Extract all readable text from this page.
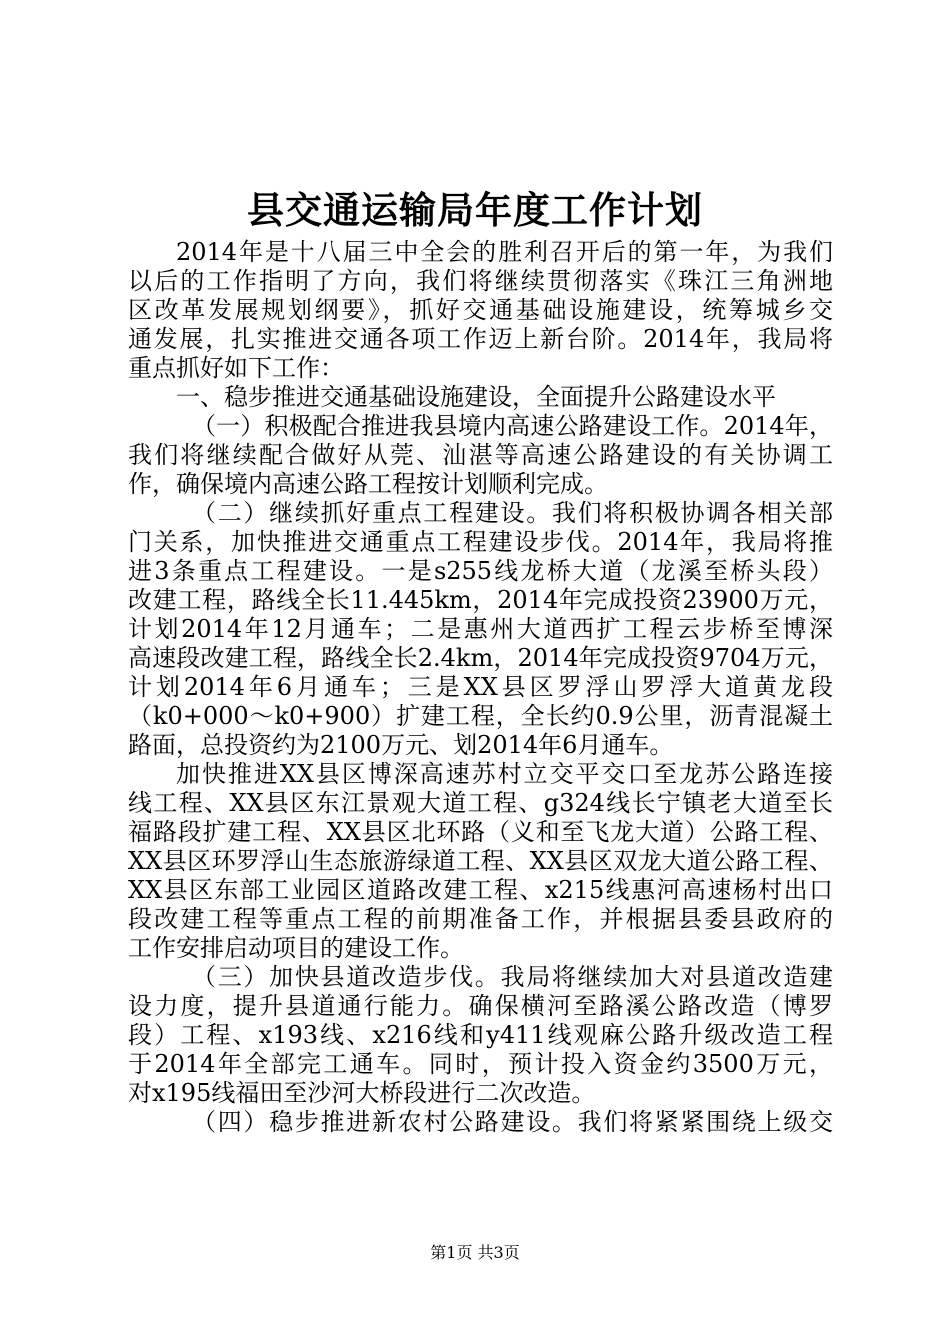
县交通运输局年度工作计划
2014年是十八届三中全会的胜利召开后的第一年，为我们
以后的工作指明了方向，我们将继续贯彻落实《珠江三角洲地
区改革发展规划纲要》，抓好交通基础设施建设，统筹城乡交
通发展，扎实推进交通各项工作迈上新台阶。2014年，我局将
重点抓好如下工作：
一、稳步推进交通基础设施建设，全面提升公路建设水平
（一）积极配合推进我县境内高速公路建设工作。2014年，
我们将继续配合做好从莞、汕湛等高速公路建设的有关协调工
作，确保境内高速公路工程按计划顺利完成。
（二）继续抓好重点工程建设。我们将积极协调各相关部
门关系，加快推进交通重点工程建设步伐。2014年，我局将推
进3条重点工程建设。一是s255线龙桥大道（龙溪至桥头段）
改建工程，路线全长11.445km，2014年完成投资23900万元，
计划2014年12月通车；二是惠州大道西扩工程云步桥至博深
高速段改建工程，路线全长2.4km，2014年完成投资9704万元，
计划2014年6月通车；三是XX县区罗浮山罗浮大道黄龙段
（k0+000～k0+900）扩建工程，全长约0.9公里，沥青混凝土
路面，总投资约为2100万元、划2014年6月通车。
加快推进XX县区博深高速苏村立交平交口至龙苏公路连接
线工程、XX县区东江景观大道工程、g324线长宁镇老大道至长
福路段扩建工程、XX县区北环路（义和至飞龙大道）公路工程、
XX县区环罗浮山生态旅游绿道工程、XX县区双龙大道公路工程、
XX县区东部工业园区道路改建工程、x215线惠河高速杨村出口
段改建工程等重点工程的前期准备工作，并根据县委县政府的
工作安排启动项目的建设工作。
（三）加快县道改造步伐。我局将继续加大对县道改造建
设力度，提升县道通行能力。确保横河至路溪公路改造（博罗
段）工程、x193线、x216线和y411线观麻公路升级改造工程
于2014年全部完工通车。同时，预计投入资金约3500万元，
对x195线福田至沙河大桥段进行二次改造。
（四）稳步推进新农村公路建设。我们将紧紧围绕上级交
第1页 共3页
